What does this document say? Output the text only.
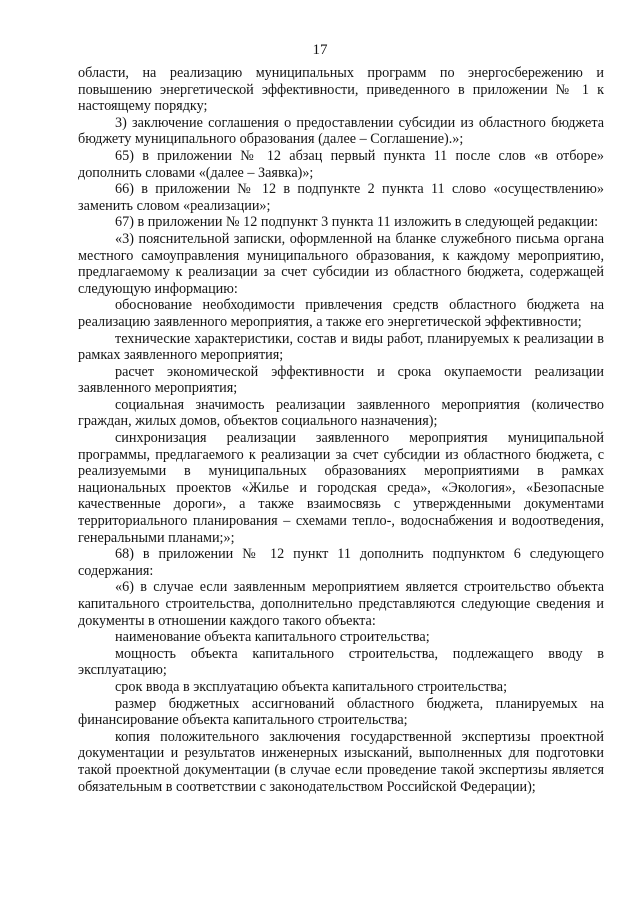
17

области, на реализацию муниципальных программ по энергосбережению и повышению энергетической эффективности, приведенного в приложении № 1 к настоящему порядку;

3) заключение соглашения о предоставлении субсидии из областного бюджета бюджету муниципального образования (далее – Соглашение).»;

65) в приложении № 12 абзац первый пункта 11 после слов «в отборе» дополнить словами «(далее – Заявка)»;

66) в приложении № 12 в подпункте 2 пункта 11 слово «осуществлению» заменить словом «реализации»;

67) в приложении № 12 подпункт 3 пункта 11 изложить в следующей редакции:

«3) пояснительной записки, оформленной на бланке служебного письма органа местного самоуправления муниципального образования, к каждому мероприятию, предлагаемому к реализации за счет субсидии из областного бюджета, содержащей следующую информацию:

обоснование необходимости привлечения средств областного бюджета на реализацию заявленного мероприятия, а также его энергетической эффективности;

технические характеристики, состав и виды работ, планируемых к реализации в рамках заявленного мероприятия;

расчет экономической эффективности и срока окупаемости реализации заявленного мероприятия;

социальная значимость реализации заявленного мероприятия (количество граждан, жилых домов, объектов социального назначения);

синхронизация реализации заявленного мероприятия муниципальной программы, предлагаемого к реализации за счет субсидии из областного бюджета, с реализуемыми в муниципальных образованиях мероприятиями в рамках национальных проектов «Жилье и городская среда», «Экология», «Безопасные качественные дороги», а также взаимосвязь с утвержденными документами территориального планирования – схемами тепло-, водоснабжения и водоотведения, генеральными планами;»;

68) в приложении № 12 пункт 11 дополнить подпунктом 6 следующего содержания:

«6) в случае если заявленным мероприятием является строительство объекта капитального строительства, дополнительно представляются следующие сведения и документы в отношении каждого такого объекта:

наименование объекта капитального строительства;

мощность объекта капитального строительства, подлежащего вводу в эксплуатацию;

срок ввода в эксплуатацию объекта капитального строительства;

размер бюджетных ассигнований областного бюджета, планируемых на финансирование объекта капитального строительства;

копия положительного заключения государственной экспертизы проектной документации и результатов инженерных изысканий, выполненных для подготовки такой проектной документации (в случае если проведение такой экспертизы является обязательным в соответствии с законодательством Российской Федерации);
